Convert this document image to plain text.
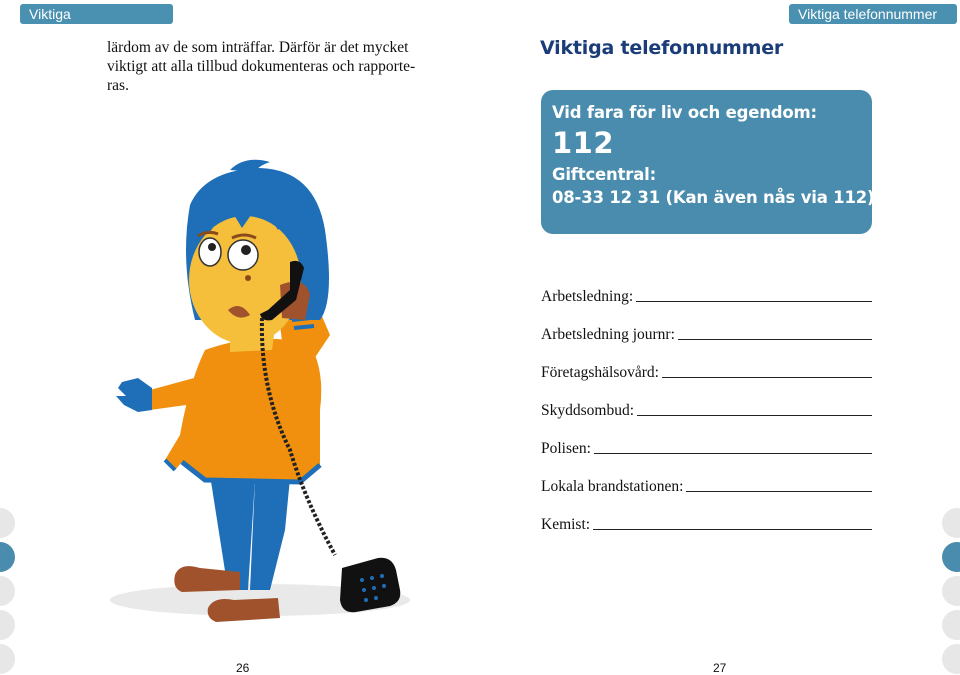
Viktiga telefonnummer
Viktiga telefonnummer

lärdom av de som inträffar. Därför är det mycket
viktigt att alla tillbud dokumenteras och rapporte-
ras.

Viktiga telefonnummer
Vid fara för liv och egendom:
112
Giftcentral:
08-33 12 31 (Kan även nås via 112)
Arbetsledning:
Arbetsledning journr:
Företagshälsovård:
Skyddsombud:
Polisen:
Lokala brandstationen:
Kemist:
26	27
